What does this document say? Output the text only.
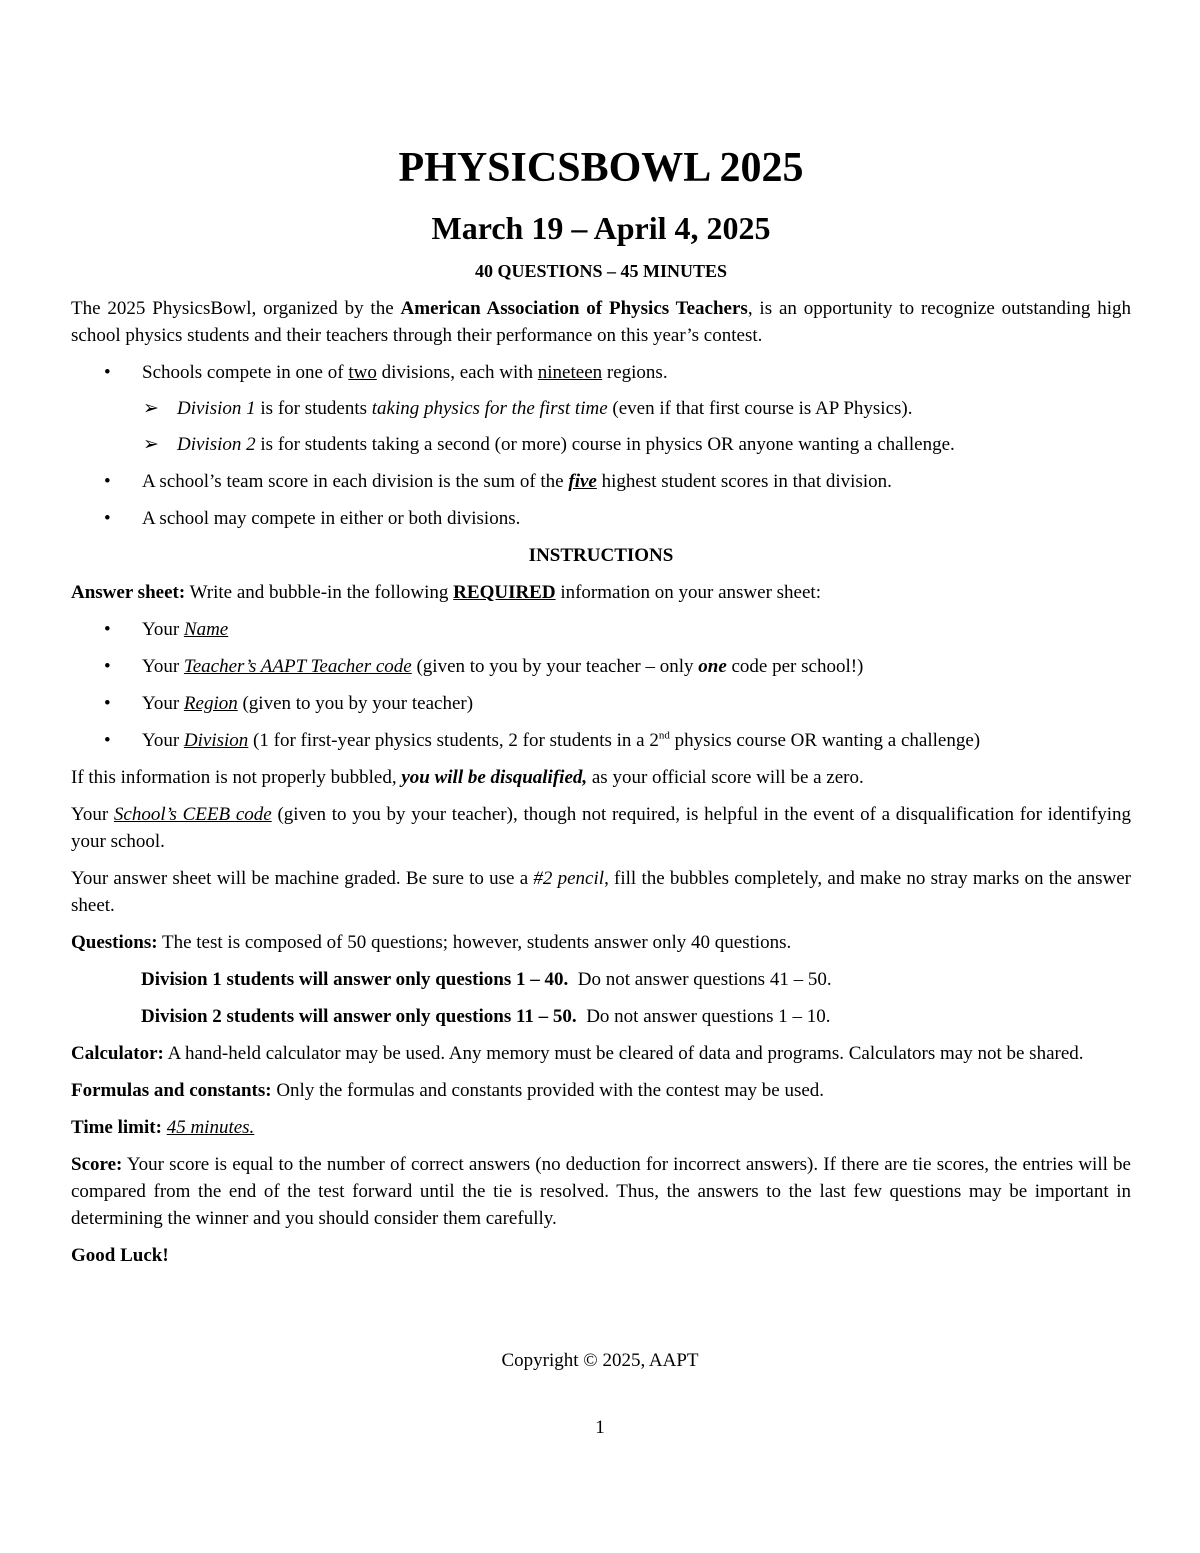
PHYSICSBOWL 2025
March 19 – April 4, 2025

40 QUESTIONS – 45 MINUTES

The 2025 PhysicsBowl, organized by the American Association of Physics Teachers, is an opportunity to recognize outstanding high school physics students and their teachers through their performance on this year’s contest.

• Schools compete in one of two divisions, each with nineteen regions.
➢ Division 1 is for students taking physics for the first time (even if that first course is AP Physics).
➢ Division 2 is for students taking a second (or more) course in physics OR anyone wanting a challenge.
• A school’s team score in each division is the sum of the five highest student scores in that division.
• A school may compete in either or both divisions.

INSTRUCTIONS

Answer sheet: Write and bubble-in the following REQUIRED information on your answer sheet:

• Your Name
• Your Teacher’s AAPT Teacher code (given to you by your teacher – only one code per school!)
• Your Region (given to you by your teacher)
• Your Division (1 for first-year physics students, 2 for students in a 2nd physics course OR wanting a challenge)

If this information is not properly bubbled, you will be disqualified, as your official score will be a zero.

Your School’s CEEB code (given to you by your teacher), though not required, is helpful in the event of a disqualification for identifying your school.

Your answer sheet will be machine graded. Be sure to use a #2 pencil, fill the bubbles completely, and make no stray marks on the answer sheet.

Questions: The test is composed of 50 questions; however, students answer only 40 questions.

Division 1 students will answer only questions 1 – 40.  Do not answer questions 41 – 50.

Division 2 students will answer only questions 11 – 50.  Do not answer questions 1 – 10.

Calculator: A hand-held calculator may be used. Any memory must be cleared of data and programs. Calculators may not be shared.

Formulas and constants: Only the formulas and constants provided with the contest may be used.

Time limit: 45 minutes.

Score: Your score is equal to the number of correct answers (no deduction for incorrect answers). If there are tie scores, the entries will be compared from the end of the test forward until the tie is resolved. Thus, the answers to the last few questions may be important in determining the winner and you should consider them carefully.

Good Luck!

Copyright © 2025, AAPT
1
